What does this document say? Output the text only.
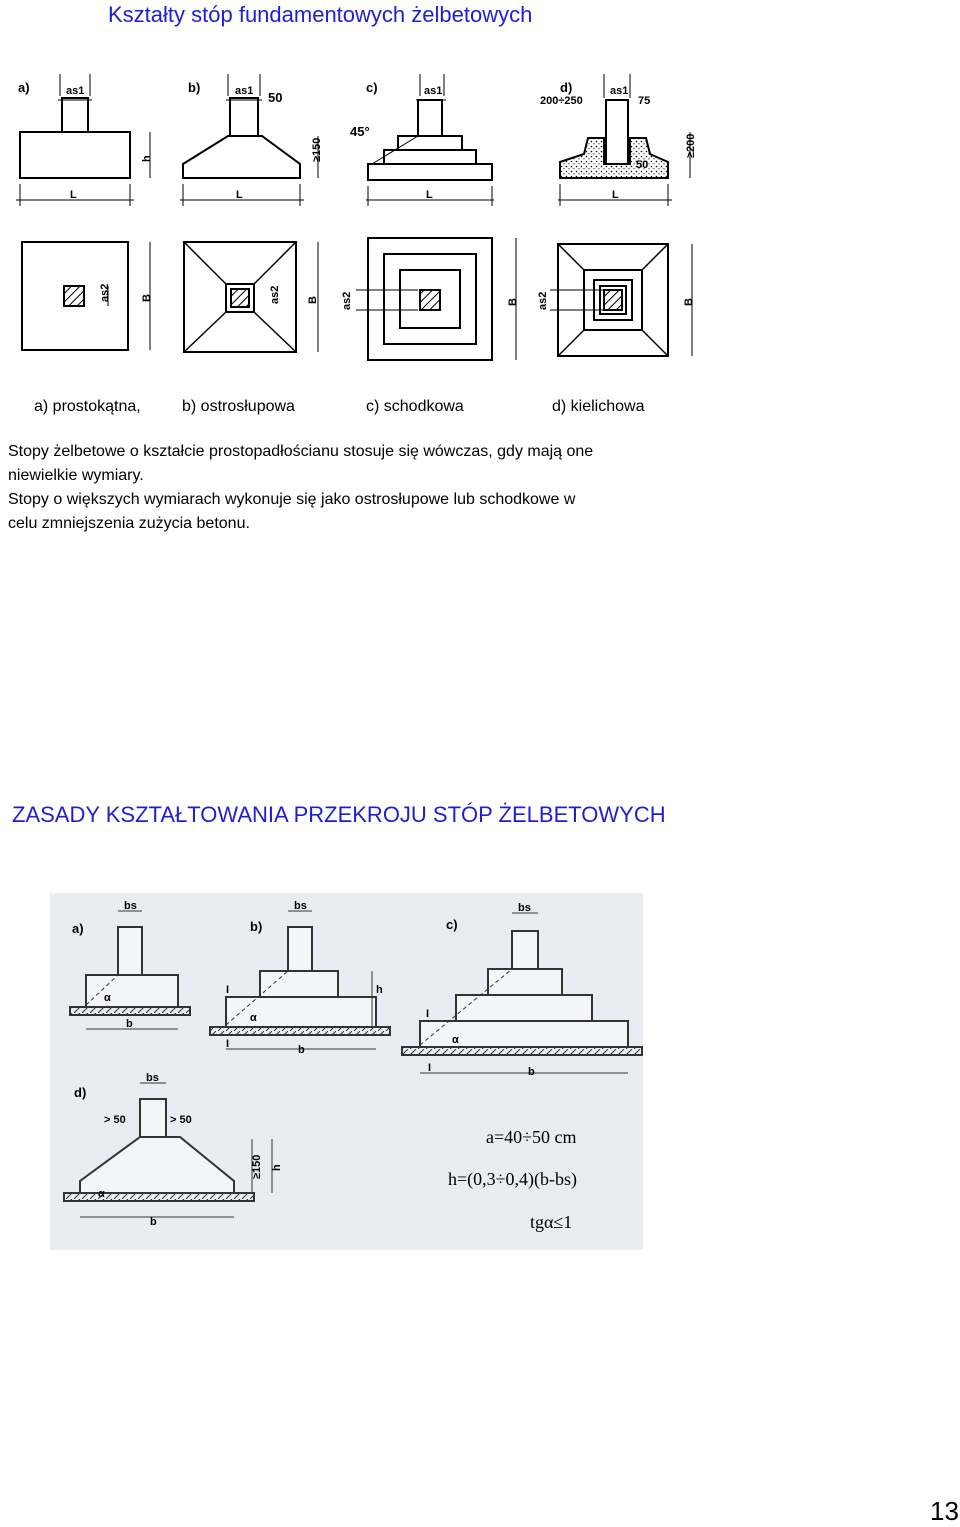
Kształty stóp fundamentowych żelbetowych
a)	b)	c)	d)
as1
h
L
as1 50
≥150
L
as1
45°
L
200÷250
as1
75
50
≥200
L
as2	B	as2 B as2	B as2	B
a) prostokątna,	b) ostrosłupowa	c) schodkowa	d) kielichowa
Stopy żelbetowe o kształcie prostopadłościanu stosuje się wówczas, gdy mają one
niewielkie wymiary.
Stopy o większych wymiarach wykonuje się jako ostrosłupowe lub schodkowe w
celu zmniejszenia zużycia betonu.
ZASADY KSZTAŁTOWANIA PRZEKROJU STÓP ŻELBETOWYCH
a)	b)	c)
d)
bs
α
b
bs
I
α
h
I	b
bs
I
α
I	b
bs
> 50	> 50
α
≥150 h
b
a=40÷50 cm
h=(0,3÷0,4)(b-bs)
tgα≤1
13
